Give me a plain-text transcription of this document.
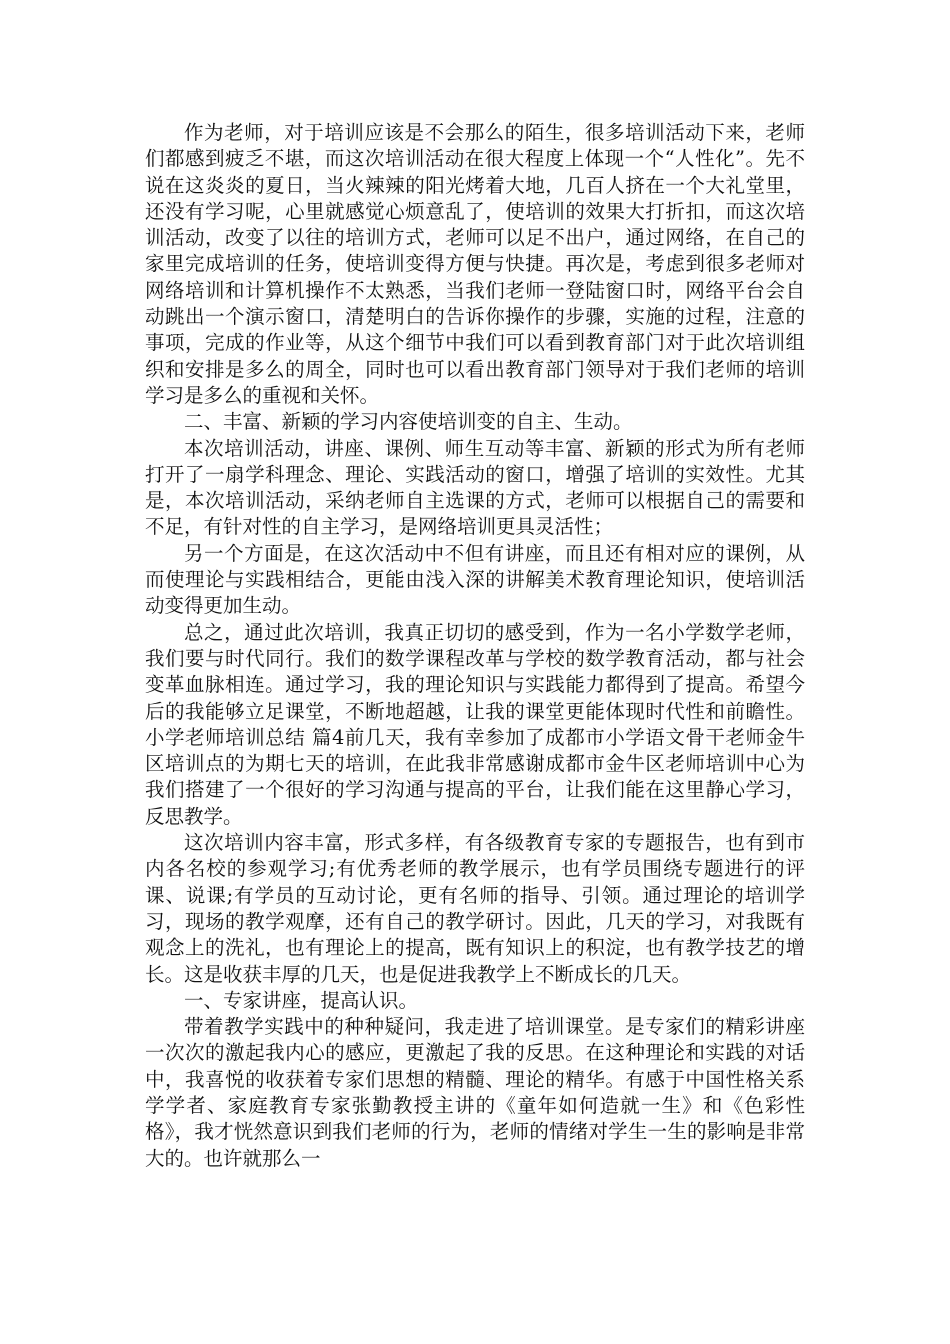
作为老师，对于培训应该是不会那么的陌生，很多培训活动下来，老师们都感到疲乏不堪，而这次培训活动在很大程度上体现一个“人性化”。先不说在这炎炎的夏日，当火辣辣的阳光烤着大地，几百人挤在一个大礼堂里，还没有学习呢，心里就感觉心烦意乱了，使培训的效果大打折扣，而这次培训活动，改变了以往的培训方式，老师可以足不出户，通过网络，在自己的家里完成培训的任务，使培训变得方便与快捷。再次是，考虑到很多老师对网络培训和计算机操作不太熟悉，当我们老师一登陆窗口时，网络平台会自动跳出一个演示窗口，清楚明白的告诉你操作的步骤，实施的过程，注意的事项，完成的作业等，从这个细节中我们可以看到教育部门对于此次培训组织和安排是多么的周全，同时也可以看出教育部门领导对于我们老师的培训学习是多么的重视和关怀。

二、丰富、新颖的学习内容使培训变的自主、生动。

本次培训活动，讲座、课例、师生互动等丰富、新颖的形式为所有老师打开了一扇学科理念、理论、实践活动的窗口，增强了培训的实效性。尤其是，本次培训活动，采纳老师自主选课的方式，老师可以根据自己的需要和不足，有针对性的自主学习，是网络培训更具灵活性；

另一个方面是，在这次活动中不但有讲座，而且还有相对应的课例，从而使理论与实践相结合，更能由浅入深的讲解美术教育理论知识，使培训活动变得更加生动。

总之，通过此次培训，我真正切切的感受到，作为一名小学数学老师，我们要与时代同行。我们的数学课程改革与学校的数学教育活动，都与社会变革血脉相连。通过学习，我的理论知识与实践能力都得到了提高。希望今后的我能够立足课堂，不断地超越，让我的课堂更能体现时代性和前瞻性。小学老师培训总结 篇4前几天，我有幸参加了成都市小学语文骨干老师金牛区培训点的为期七天的培训，在此我非常感谢成都市金牛区老师培训中心为我们搭建了一个很好的学习沟通与提高的平台，让我们能在这里静心学习，反思教学。

这次培训内容丰富，形式多样，有各级教育专家的专题报告，也有到市内各名校的参观学习;有优秀老师的教学展示，也有学员围绕专题进行的评课、说课;有学员的互动讨论，更有名师的指导、引领。通过理论的培训学习，现场的教学观摩，还有自己的教学研讨。因此，几天的学习，对我既有观念上的洗礼，也有理论上的提高，既有知识上的积淀，也有教学技艺的增长。这是收获丰厚的几天，也是促进我教学上不断成长的几天。

一、专家讲座，提高认识。

带着教学实践中的种种疑问，我走进了培训课堂。是专家们的精彩讲座一次次的激起我内心的感应，更激起了我的反思。在这种理论和实践的对话中，我喜悦的收获着专家们思想的精髓、理论的精华。有感于中国性格关系学学者、家庭教育专家张勤教授主讲的《童年如何造就一生》和《色彩性格》，我才恍然意识到我们老师的行为，老师的情绪对学生一生的影响是非常大的。也许就那么一
